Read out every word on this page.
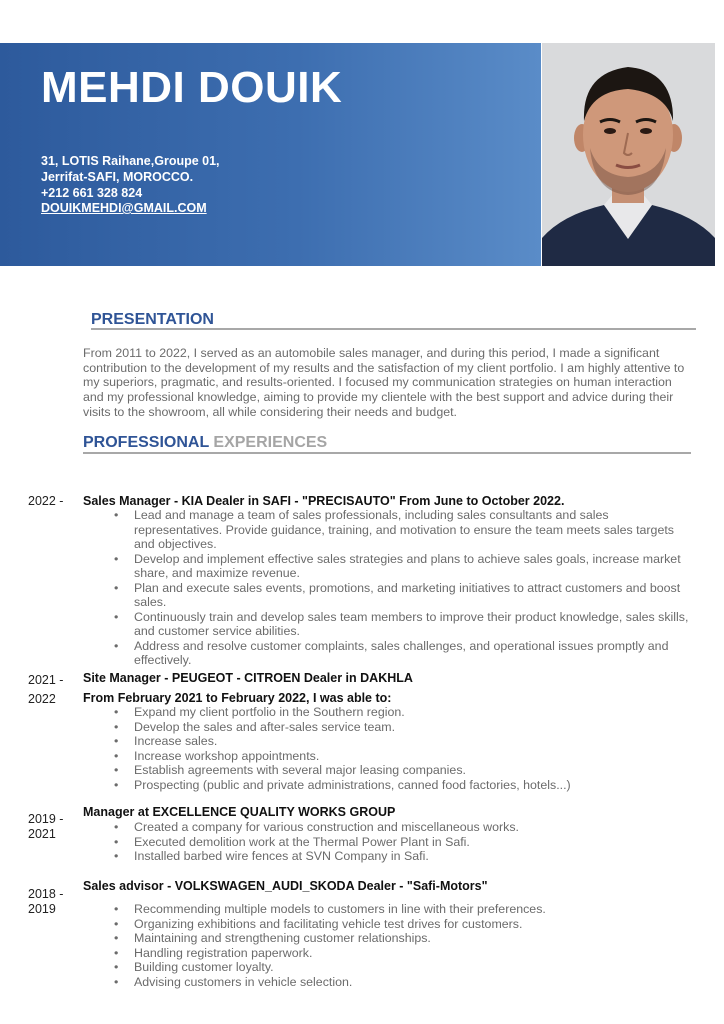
MEHDI DOUIK
31, LOTIS Raihane,Groupe 01,
Jerrifat-SAFI, MOROCCO.
+212 661 328 824
DOUIKMEHDI@GMAIL.COM
PRESENTATION

From 2011 to 2022, I served as an automobile sales manager, and during this period, I made a significant contribution to the development of my results and the satisfaction of my client portfolio. I am highly attentive to my superiors, pragmatic, and results-oriented. I focused my communication strategies on human interaction and my professional knowledge, aiming to provide my clientele with the best support and advice during their visits to the showroom, all while considering their needs and budget.

PROFESSIONAL EXPERIENCES
2022 - Sales Manager - KIA Dealer in SAFI - "PRECISAUTO" From June to October 2022.

• Lead and manage a team of sales professionals, including sales consultants and sales representatives. Provide guidance, training, and motivation to ensure the team meets sales targets and objectives.
• Develop and implement effective sales strategies and plans to achieve sales goals, increase market share, and maximize revenue.
• Plan and execute sales events, promotions, and marketing initiatives to attract customers and boost sales.
• Continuously train and develop sales team members to improve their product knowledge, sales skills, and customer service abilities.
• Address and resolve customer complaints, sales challenges, and operational issues promptly and effectively.
2021 -
2022

Site Manager - PEUGEOT - CITROEN Dealer in DAKHLA

From February 2021 to February 2022, I was able to:

• Expand my client portfolio in the Southern region.
• Develop the sales and after-sales service team.
• Increase sales.
• Increase workshop appointments.
• Establish agreements with several major leasing companies.
• Prospecting (public and private administrations, canned food factories, hotels...)
2019 -
2021

Manager at EXCELLENCE QUALITY WORKS GROUP

• Created a company for various construction and miscellaneous works.
• Executed demolition work at the Thermal Power Plant in Safi.
• Installed barbed wire fences at SVN Company in Safi.
2018 -
2019

Sales advisor - VOLKSWAGEN_AUDI_SKODA Dealer - "Safi-Motors"

• Recommending multiple models to customers in line with their preferences.
• Organizing exhibitions and facilitating vehicle test drives for customers.
• Maintaining and strengthening customer relationships.
• Handling registration paperwork.
• Building customer loyalty.
• Advising customers in vehicle selection.
